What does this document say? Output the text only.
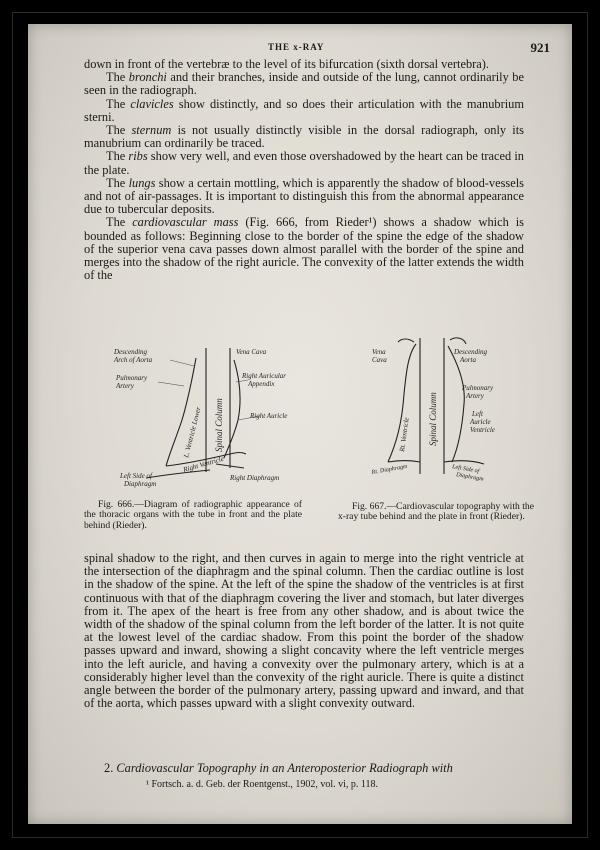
THE x-RAY	921

down in front of the vertebræ to the level of its bifurcation (sixth dorsal vertebra).

The bronchi and their branches, inside and outside of the lung, cannot ordinarily be seen in the radiograph.

The clavicles show distinctly, and so does their articulation with the manubrium sterni.

The sternum is not usually distinctly visible in the dorsal radiograph, only its manubrium can ordinarily be traced.

The ribs show very well, and even those overshadowed by the heart can be traced in the plate.

The lungs show a certain mottling, which is apparently the shadow of blood-vessels and not of air-passages. It is important to distinguish this from the abnormal appearance due to tubercular deposits.

The cardiovascular mass (Fig. 666, from Rieder¹) shows a shadow which is bounded as follows: Beginning close to the border of the spine the edge of the shadow of the superior vena cava passes down almost parallel with the border of the spine and merges into the shadow of the right auricle. The convexity of the latter extends the width of the

Descending
Arch of Aorta
Vena Cava
Pulmonary
Artery
Right Auricular
Appendix
L. Ventricle Lower Spinal Column	Right Auricle
Right Ventricle
Left Side of
Diaphragm
Right Diaphragm
Vena
Cava
Descending
Aorta
Pulmonary
Artery
Left
Auricle
Ventricle
Rt. Ventricle Spinal Column
Rt. Diaphragm	Left Side of
Diaphragm
Fig. 666.—Diagram of radiographic appearance of the thoracic organs with the tube in front and the plate behind (Rieder).
Fig. 667.—Cardiovascular topography with the x-ray tube behind and the plate in front (Rieder).

spinal shadow to the right, and then curves in again to merge into the right ventricle at the intersection of the diaphragm and the spinal column. Then the cardiac outline is lost in the shadow of the spine. At the left of the spine the shadow of the ventricles is at first continuous with that of the diaphragm covering the liver and stomach, but later diverges from it. The apex of the heart is free from any other shadow, and is about twice the width of the shadow of the spinal column from the left border of the latter. It is not quite at the lowest level of the cardiac shadow. From this point the border of the shadow passes upward and inward, showing a slight concavity where the left ventricle merges into the left auricle, and having a convexity over the pulmonary artery, which is at a considerably higher level than the convexity of the right auricle. There is quite a distinct angle between the border of the pulmonary artery, passing upward and inward, and that of the aorta, which passes upward with a slight convexity outward.

2. Cardiovascular Topography in an Anteroposterior Radiograph with
¹ Fortsch. a. d. Geb. der Roentgenst., 1902, vol. vi, p. 118.
